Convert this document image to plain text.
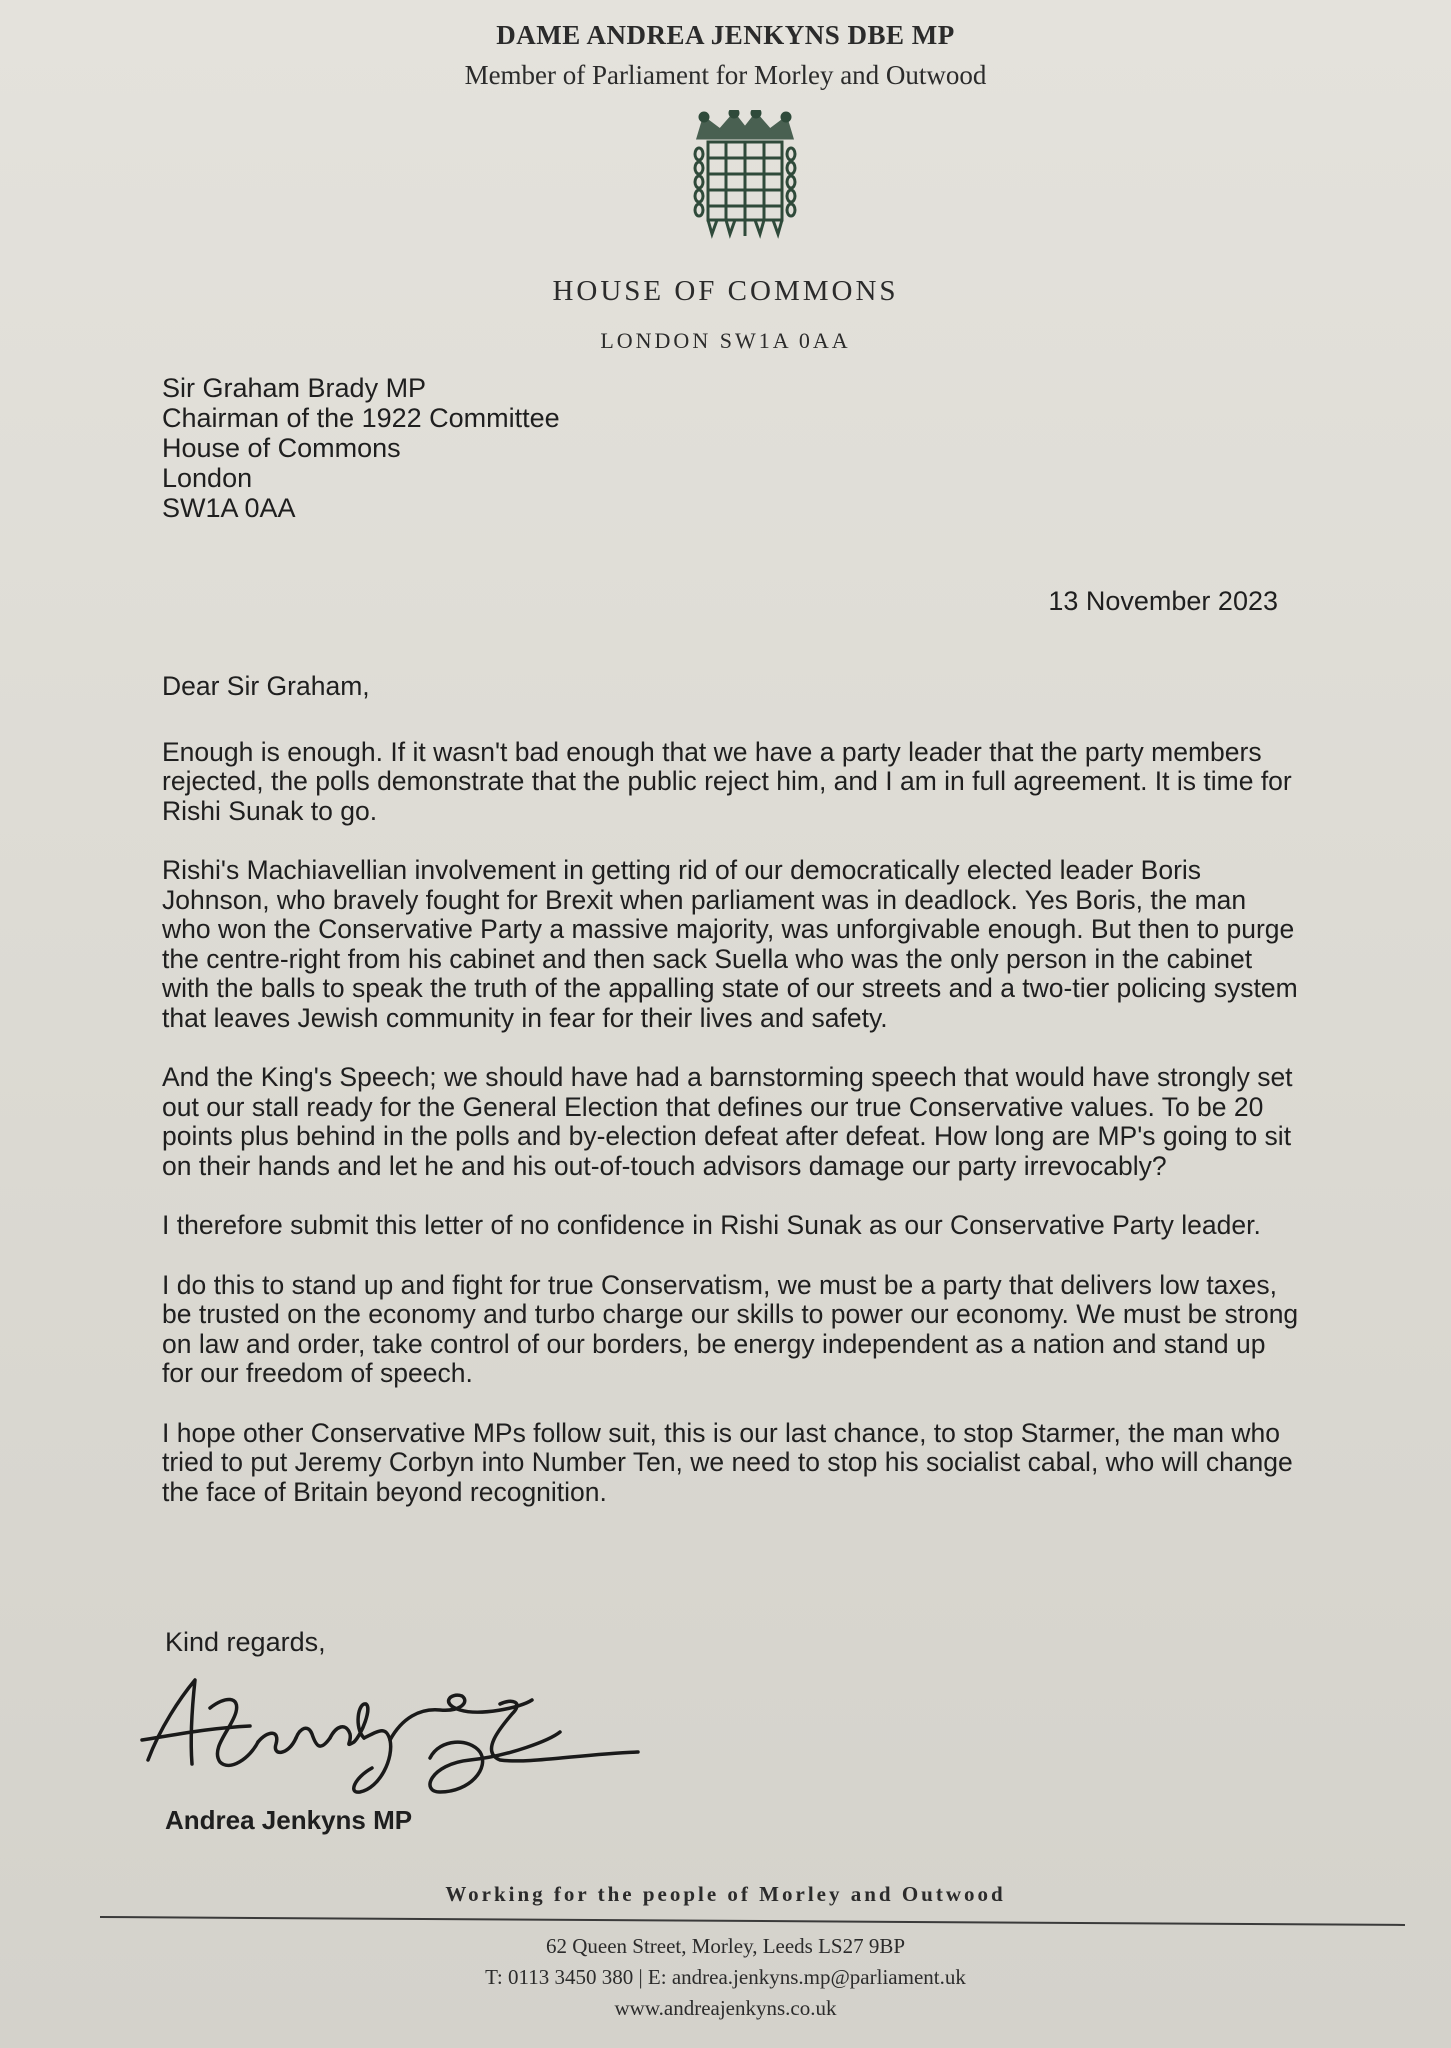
DAME ANDREA JENKYNS DBE MP
Member of Parliament for Morley and Outwood
HOUSE OF COMMONS
LONDON SW1A 0AA
Sir Graham Brady MP
Chairman of the 1922 Committee
House of Commons
London
SW1A 0AA
13 November 2023

Dear Sir Graham,

Enough is enough. If it wasn't bad enough that we have a party leader that the party members rejected, the polls demonstrate that the public reject him, and I am in full agreement. It is time for Rishi Sunak to go.

Rishi's Machiavellian involvement in getting rid of our democratically elected leader Boris Johnson, who bravely fought for Brexit when parliament was in deadlock. Yes Boris, the man who won the Conservative Party a massive majority, was unforgivable enough. But then to purge the centre-right from his cabinet and then sack Suella who was the only person in the cabinet with the balls to speak the truth of the appalling state of our streets and a two-tier policing system that leaves Jewish community in fear for their lives and safety.

And the King's Speech; we should have had a barnstorming speech that would have strongly set out our stall ready for the General Election that defines our true Conservative values. To be 20 points plus behind in the polls and by-election defeat after defeat. How long are MP's going to sit on their hands and let he and his out-of-touch advisors damage our party irrevocably?

I therefore submit this letter of no confidence in Rishi Sunak as our Conservative Party leader.

I do this to stand up and fight for true Conservatism, we must be a party that delivers low taxes, be trusted on the economy and turbo charge our skills to power our economy. We must be strong on law and order, take control of our borders, be energy independent as a nation and stand up for our freedom of speech.

I hope other Conservative MPs follow suit, this is our last chance, to stop Starmer, the man who tried to put Jeremy Corbyn into Number Ten, we need to stop his socialist cabal, who will change the face of Britain beyond recognition.

Kind regards,
Andrea Jenkyns MP
Working for the people of Morley and Outwood
62 Queen Street, Morley, Leeds LS27 9BP
T: 0113 3450 380 | E: andrea.jenkyns.mp@parliament.uk
www.andreajenkyns.co.uk
